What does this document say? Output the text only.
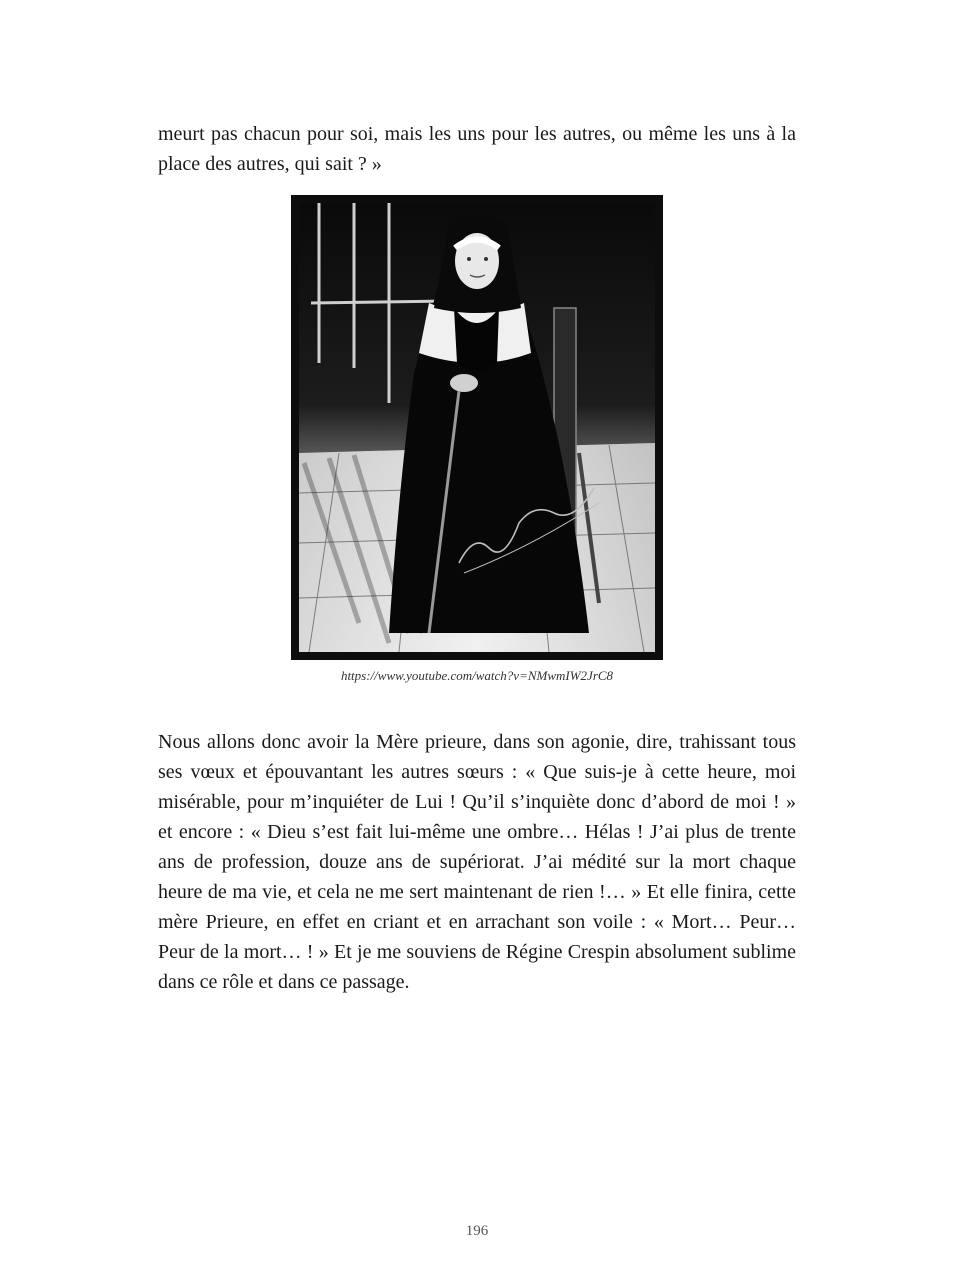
meurt pas chacun pour soi, mais les uns pour les autres, ou même les uns à la place des autres, qui sait ? »

https://www.youtube.com/watch?v=NMwmIW2JrC8

Nous allons donc avoir la Mère prieure, dans son agonie, dire, trahissant tous ses vœux et épouvantant les autres sœurs : « Que suis-je à cette heure, moi misérable, pour m’inquiéter de Lui ! Qu’il s’inquiète donc d’abord de moi ! » et encore : « Dieu s’est fait lui-même une ombre… Hélas ! J’ai plus de trente ans de profession, douze ans de supériorat. J’ai médité sur la mort chaque heure de ma vie, et cela ne me sert maintenant de rien !… » Et elle finira, cette mère Prieure, en effet en criant et en arrachant son voile : « Mort… Peur… Peur de la mort… ! » Et je me souviens de Régine Crespin absolument sublime dans ce rôle et dans ce passage.

196
